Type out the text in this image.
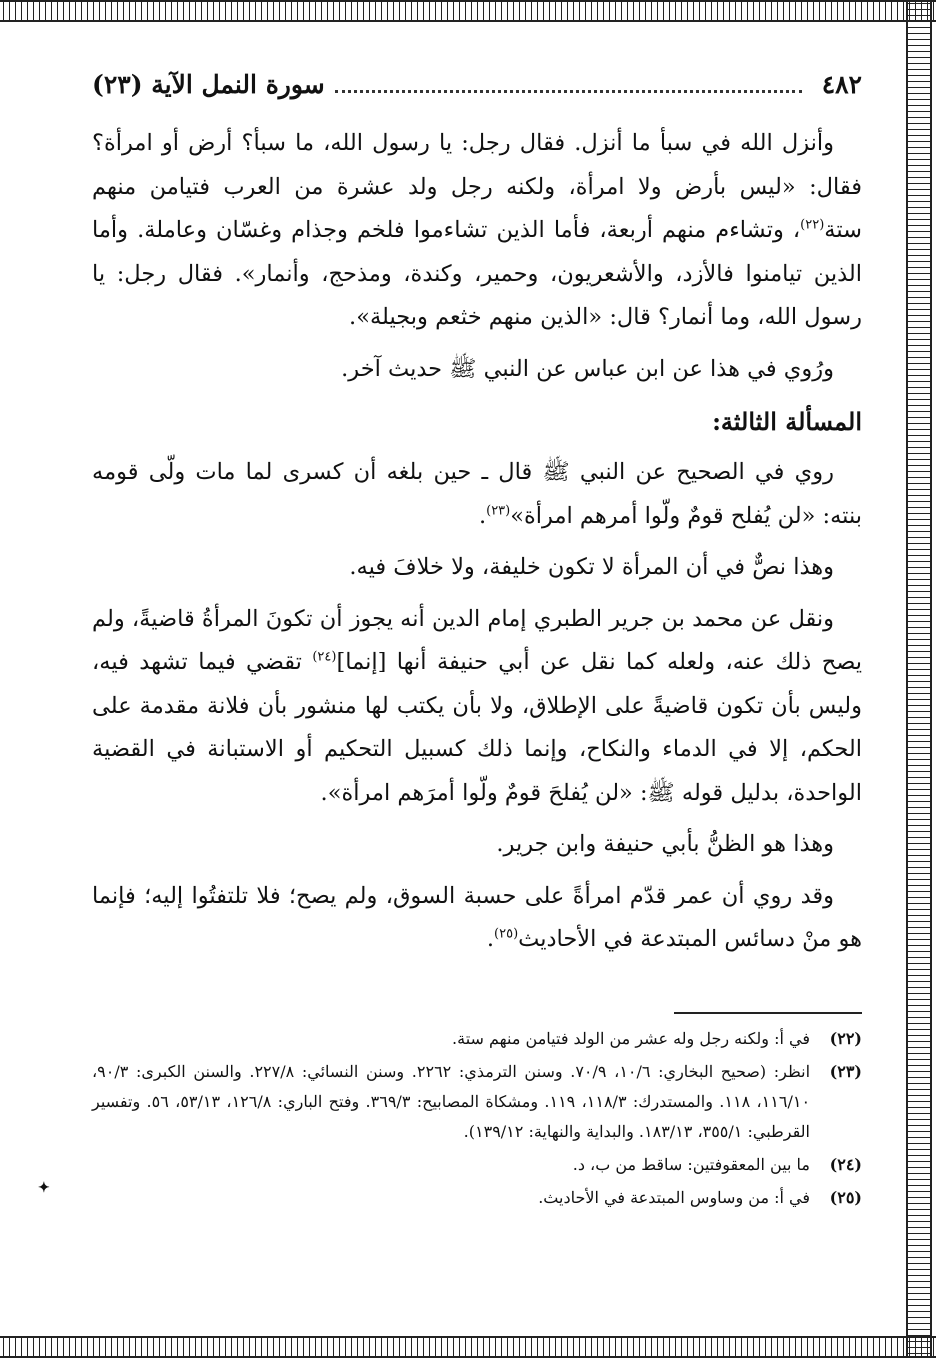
٤٨٢
سورة النمل الآية (٢٣)

وأنزل الله في سبأ ما أنزل. فقال رجل: يا رسول الله، ما سبأ؟ أرض أو امرأة؟ فقال: «ليس بأرض ولا امرأة، ولكنه رجل ولد عشرة من العرب فتيامن منهم ستة$^{(٢٢)}$، وتشاءم منهم أربعة، فأما الذين تشاءموا فلخم وجذام وغسّان وعاملة. وأما الذين تيامنوا فالأزد، والأشعريون، وحمير، وكندة، ومذحج، وأنمار». فقال رجل: يا رسول الله، وما أنمار؟ قال: «الذين منهم خثعم وبجيلة».

ورُوي في هذا عن ابن عباس عن النبي ﷺ حديث آخر.

المسألة الثالثة:

روي في الصحيح عن النبي ﷺ قال ـ حين بلغه أن كسرى لما مات ولّى قومه بنته: «لن يُفلح قومٌ ولّوا أمرهم امرأة»$^{(٢٣)}$.

وهذا نصٌّ في أن المرأة لا تكون خليفة، ولا خلافَ فيه.

ونقل عن محمد بن جرير الطبري إمام الدين أنه يجوز أن تكونَ المرأةُ قاضيةً، ولم يصح ذلك عنه، ولعله كما نقل عن أبي حنيفة أنها [إنما]$^{(٢٤)}$ تقضي فيما تشهد فيه، وليس بأن تكون قاضيةً على الإطلاق، ولا بأن يكتب لها منشور بأن فلانة مقدمة على الحكم، إلا في الدماء والنكاح، وإنما ذلك كسبيل التحكيم أو الاستبانة في القضية الواحدة، بدليل قوله ﷺ: «لن يُفلحَ قومٌ ولّوا أمرَهم امرأة».

وهذا هو الظنُّ بأبي حنيفة وابن جرير.

وقد روي أن عمر قدّم امرأةً على حسبة السوق، ولم يصح؛ فلا تلتفتُوا إليه؛ فإنما هو منْ دسائس المبتدعة في الأحاديث$^{(٢٥)}$.

(٢٢)
في أ: ولكنه رجل وله عشر من الولد فتيامن منهم ستة.
(٢٣)
انظر: (صحيح البخاري: ١٠/٦، ٧٠/٩. وسنن الترمذي: ٢٢٦٢. وسنن النسائي: ٢٢٧/٨. والسنن الكبرى: ٩٠/٣، ١١٦/١٠، ١١٨. والمستدرك: ١١٨/٣، ١١٩. ومشكاة المصابيح: ٣٦٩/٣. وفتح الباري: ١٢٦/٨، ٥٣/١٣، ٥٦. وتفسير القرطبي: ٣٥٥/١، ١٨٣/١٣. والبداية والنهاية: ١٣٩/١٢).
(٢٤)
ما بين المعقوفتين: ساقط من ب، د.
(٢٥)
في أ: من وساوس المبتدعة في الأحاديث.
✦
